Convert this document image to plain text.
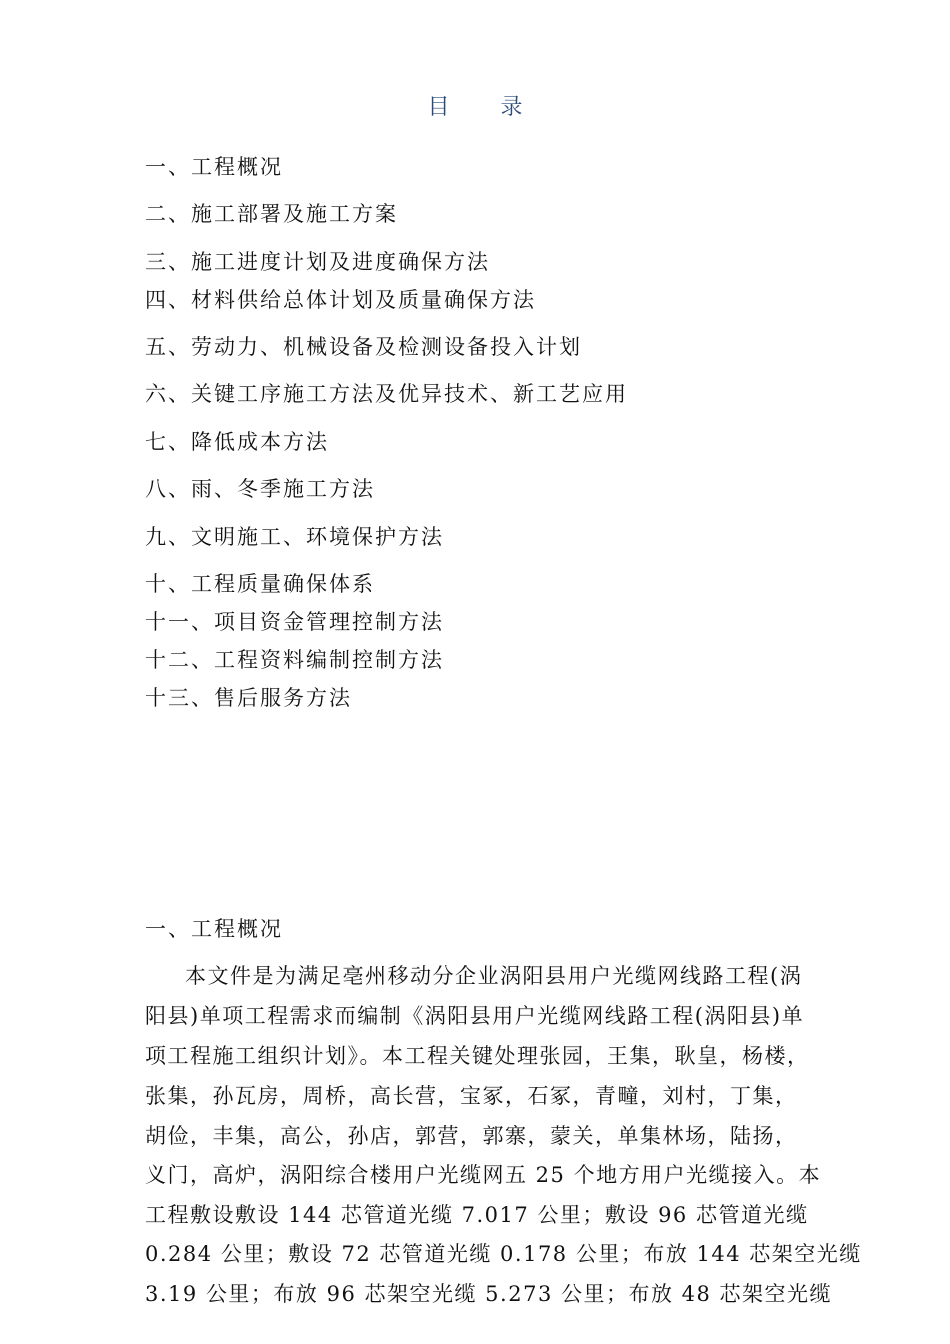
目 录
一、工程概况
二、施工部署及施工方案
三、施工进度计划及进度确保方法
四、材料供给总体计划及质量确保方法
五、劳动力、机械设备及检测设备投入计划
六、关键工序施工方法及优异技术、新工艺应用
七、降低成本方法
八、雨、冬季施工方法
九、文明施工、环境保护方法
十、工程质量确保体系
十一、项目资金管理控制方法
十二、工程资料编制控制方法
十三、售后服务方法
一、工程概况
本文件是为满足亳州移动分企业涡阳县用户光缆网线路工程(涡
阳县)单项工程需求而编制《涡阳县用户光缆网线路工程(涡阳县)单
项工程施工组织计划》。本工程关键处理张园，王集，耿皇，杨楼，
张集，孙瓦房，周桥，高长营，宝冢，石冢，青疃，刘村，丁集，
胡俭，丰集，高公，孙店，郭营，郭寨，蒙关，单集林场，陆扬，
义门，高炉，涡阳综合楼用户光缆网五 25 个地方用户光缆接入。本
工程敷设敷设 144 芯管道光缆 7.017 公里；敷设 96 芯管道光缆
0.284 公里；敷设 72 芯管道光缆 0.178 公里；布放 144 芯架空光缆
3.19 公里；布放 96 芯架空光缆 5.273 公里；布放 48 芯架空光缆
